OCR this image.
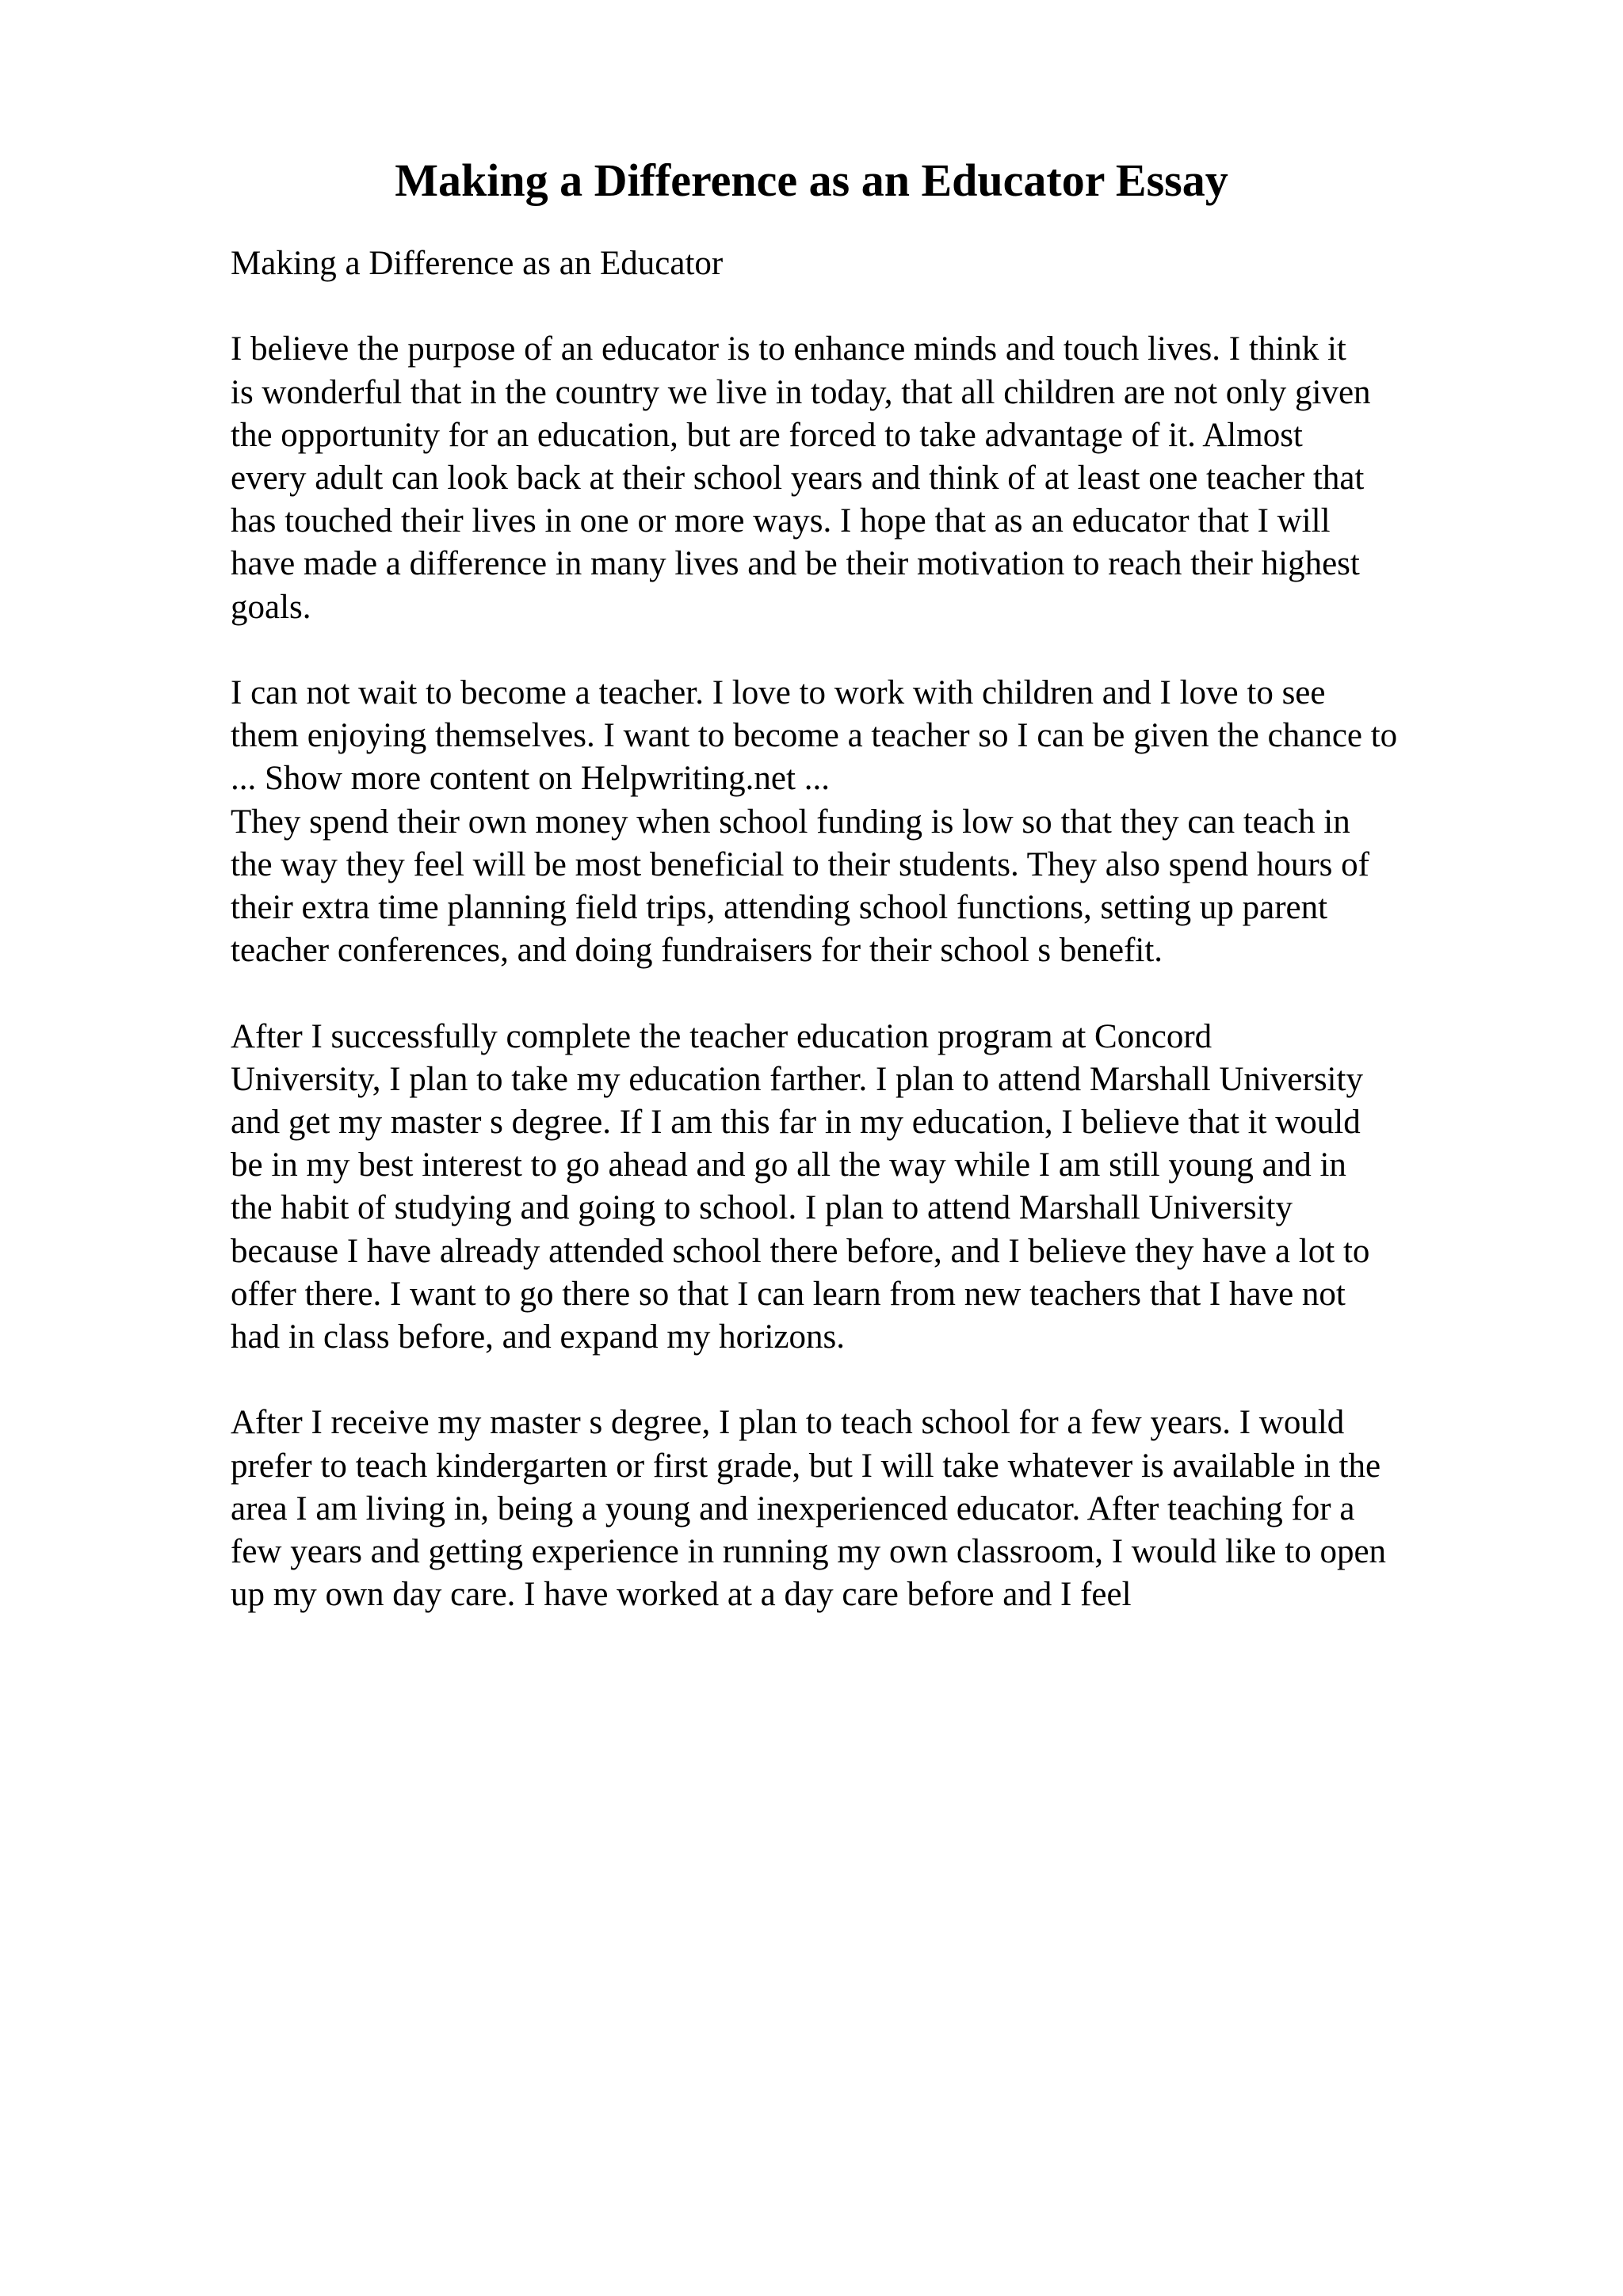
Making a Difference as an Educator Essay

Making a Difference as an Educator

I believe the purpose of an educator is to enhance minds and touch lives. I think it
is wonderful that in the country we live in today, that all children are not only given
the opportunity for an education, but are forced to take advantage of it. Almost
every adult can look back at their school years and think of at least one teacher that
has touched their lives in one or more ways. I hope that as an educator that I will
have made a difference in many lives and be their motivation to reach their highest
goals.

I can not wait to become a teacher. I love to work with children and I love to see
them enjoying themselves. I want to become a teacher so I can be given the chance to
... Show more content on Helpwriting.net ...
They spend their own money when school funding is low so that they can teach in
the way they feel will be most beneficial to their students. They also spend hours of
their extra time planning field trips, attending school functions, setting up parent
teacher conferences, and doing fundraisers for their school s benefit.

After I successfully complete the teacher education program at Concord
University, I plan to take my education farther. I plan to attend Marshall University
and get my master s degree. If I am this far in my education, I believe that it would
be in my best interest to go ahead and go all the way while I am still young and in
the habit of studying and going to school. I plan to attend Marshall University
because I have already attended school there before, and I believe they have a lot to
offer there. I want to go there so that I can learn from new teachers that I have not
had in class before, and expand my horizons.

After I receive my master s degree, I plan to teach school for a few years. I would
prefer to teach kindergarten or first grade, but I will take whatever is available in the
area I am living in, being a young and inexperienced educator. After teaching for a
few years and getting experience in running my own classroom, I would like to open
up my own day care. I have worked at a day care before and I feel
